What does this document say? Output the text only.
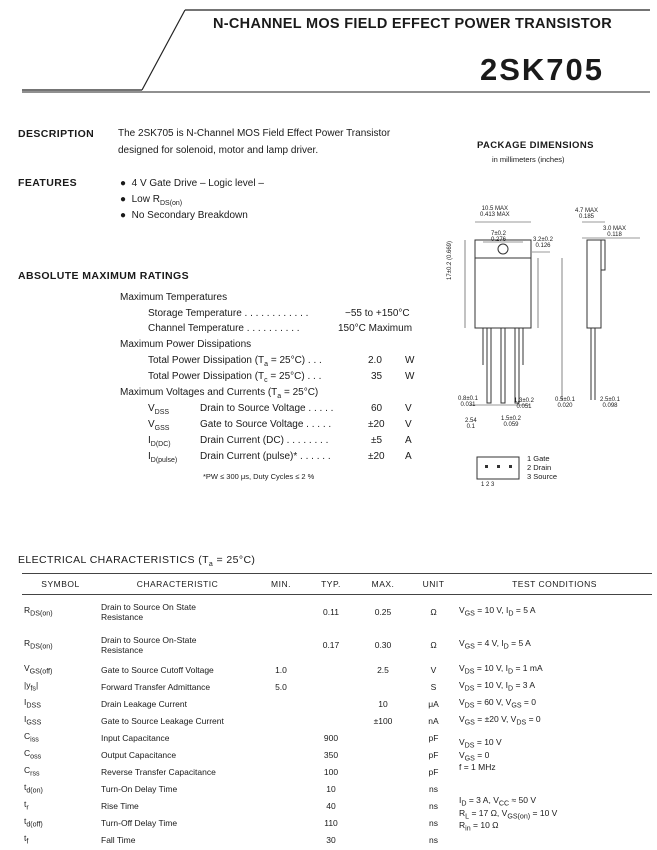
N-CHANNEL MOS FIELD EFFECT POWER TRANSISTOR
2SK705
DESCRIPTION The 2SK705 is N-Channel MOS Field Effect Power Transistor
designed for solenoid, motor and lamp driver.
FEATURES	●  4 V Gate Drive – Logic level –
●  Low $R_{DS(on)}$
●  No Secondary Breakdown
PACKAGE DIMENSIONS
in millimeters (inches)
10.5 MAX
0.413 MAX
7±0.2
0.276	3.2±0.2
0.126
4.7 MAX
0.185
3.0 MAX
0.118
17±0.2 (0.669)
0.8±0.1
0.031
1.3±0.2
0.051
1.5±0.2
0.059
2.54
0.1
0.5±0.1
0.020
2.5±0.1
0.098
1 Gate
2 Drain
3 Source
1 2 3
ABSOLUTE MAXIMUM RATINGS
Maximum Temperatures
Storage Temperature . . . . . . . . . . . .	−55 to +150°C
Channel Temperature . . . . . . . . . .	150°C Maximum
Maximum Power Dissipations
Total Power Dissipation $(T_a = 25^\circ C)$ . . .	2.0 W
Total Power Dissipation $(T_c = 25^\circ C)$ . . .	35 W
Maximum Voltages and Currents $(T_a = 25^\circ C)$
$V_{DSS}$	Drain to Source Voltage . . . . .	60 V
$V_{GSS}$	Gate to Source Voltage . . . . .	±20 V
$I_{D(DC)}$	Drain Current (DC) . . . . . . . .	±5 A
$I_{D(pulse)}$ Drain Current (pulse)* . . . . . .	±20 A
*PW ≤ 300 μs, Duty Cycles ≤ 2 %
ELECTRICAL CHARACTERISTICS $(T_a = 25^\circ C)$
SYMBOL	CHARACTERISTIC	MIN.	TYP.	MAX.	UNIT	TEST CONDITIONS
$R_{DS(on)}$	Drain to Source On State
Resistance		0.11	0.25	Ω	$V_{GS} = 10$ V, $I_D = 5$ A
$R_{DS(on)}$	Drain to Source On-State
Resistance		0.17	0.30	Ω	$V_{GS} = 4$ V, $I_D = 5$ A
$V_{GS(off)}$	Gate to Source Cutoff Voltage	1.0		2.5	V	$V_{DS} = 10$ V, $I_D = 1$ mA
$|y_{fs}|$	Forward Transfer Admittance	5.0			S	$V_{DS} = 10$ V, $I_D = 3$ A
$I_{DSS}$	Drain Leakage Current			10	μA	$V_{DS} = 60$ V, $V_{GS} = 0$
$I_{GSS}$	Gate to Source Leakage Current			±100	nA	$V_{GS} = \pm 20$ V, $V_{DS} = 0$
$C_{iss}$	Input Capacitance		900		pF	$V_{DS} = 10$ V
$V_{GS} = 0$
f = 1 MHz

$C_{oss}$	Output Capacitance		350		pF	
$C_{rss}$	Reverse Transfer Capacitance		100		pF	
$t_{d(on)}$	Turn-On Delay Time		10		ns	$I_D = 3$ A, $V_{CC} \approx 50$ V
$R_L = 17$ Ω, $V_{GS(on)} = 10$ V
$R_{in} = 10$ Ω

$t_r$	Rise Time		40		ns	
$t_{d(off)}$	Turn-Off Delay Time		110		ns	
$t_f$	Fall Time		30		ns	
